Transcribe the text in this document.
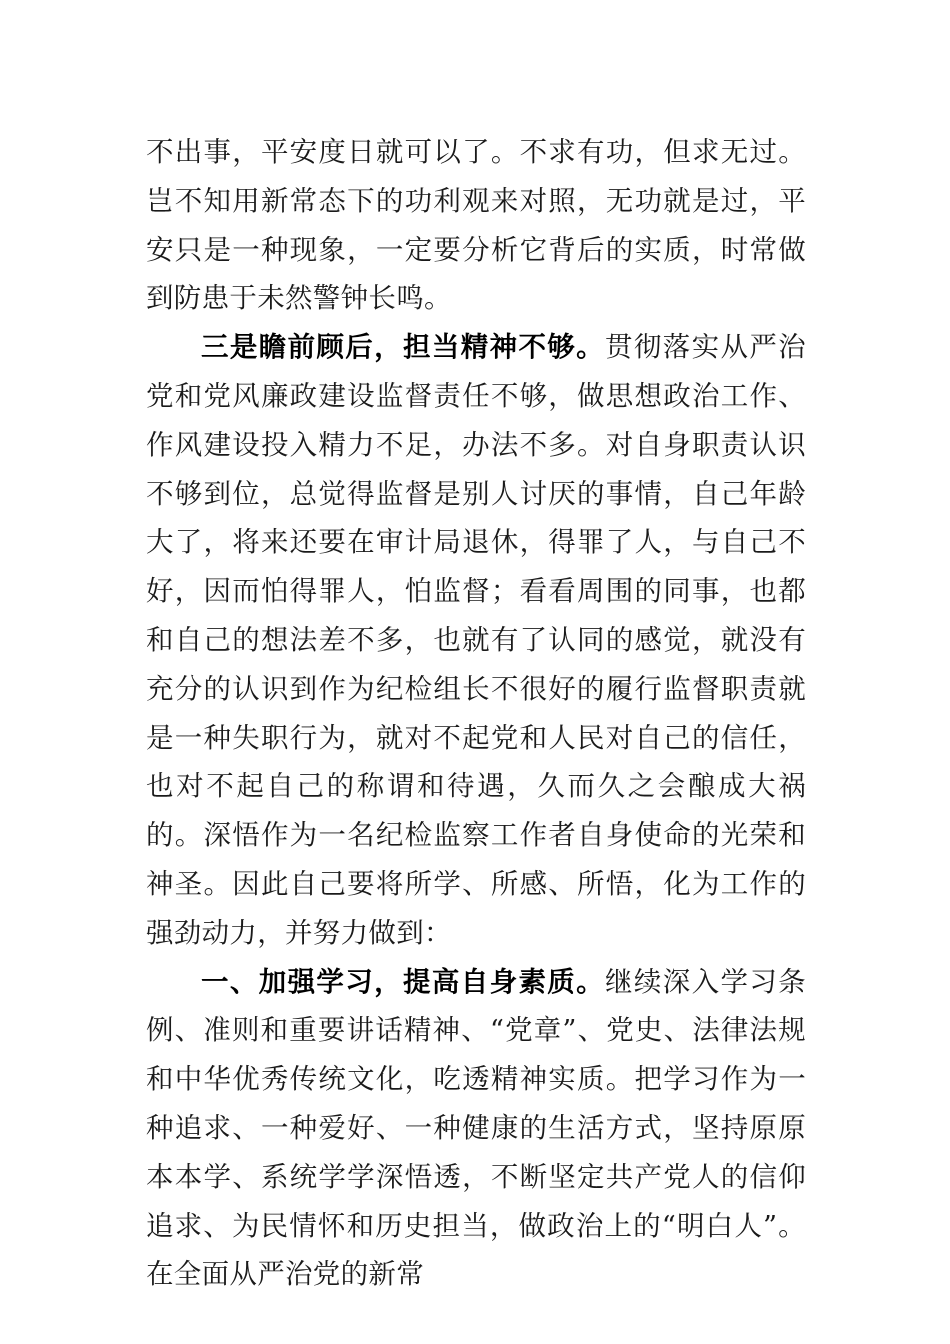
不出事，平安度日就可以了。不求有功，但求无过。岂不知用新常态下的功利观来对照，无功就是过，平安只是一种现象，一定要分析它背后的实质，时常做到防患于未然警钟长鸣。

三是瞻前顾后，担当精神不够。贯彻落实从严治党和党风廉政建设监督责任不够，做思想政治工作、作风建设投入精力不足，办法不多。对自身职责认识不够到位，总觉得监督是别人讨厌的事情，自己年龄大了，将来还要在审计局退休，得罪了人，与自己不好，因而怕得罪人，怕监督；看看周围的同事，也都和自己的想法差不多，也就有了认同的感觉，就没有充分的认识到作为纪检组长不很好的履行监督职责就是一种失职行为，就对不起党和人民对自己的信任，也对不起自己的称谓和待遇，久而久之会酿成大祸的。深悟作为一名纪检监察工作者自身使命的光荣和神圣。因此自己要将所学、所感、所悟，化为工作的强劲动力，并努力做到：

一、加强学习，提高自身素质。继续深入学习条例、准则和重要讲话精神、“党章”、党史、法律法规和中华优秀传统文化，吃透精神实质。把学习作为一种追求、一种爱好、一种健康的生活方式，坚持原原本本学、系统学学深悟透，不断坚定共产党人的信仰追求、为民情怀和历史担当，做政治上的“明白人”。在全面从严治党的新常
